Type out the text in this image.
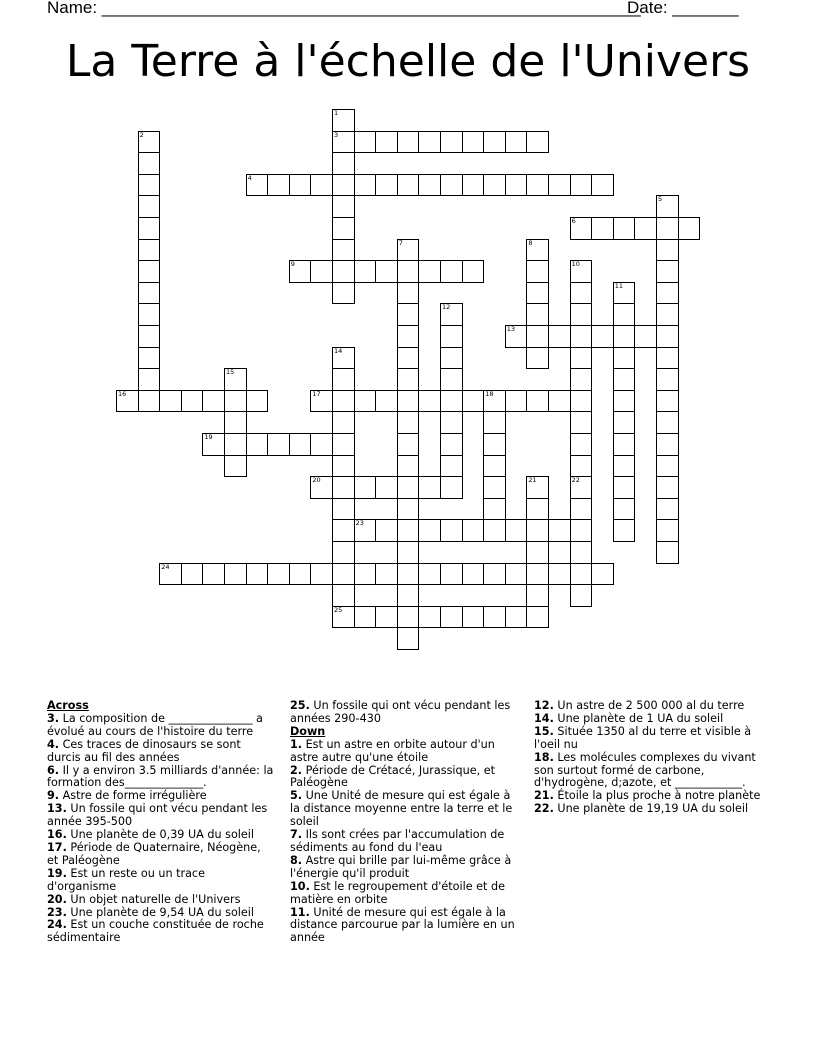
Name: _________________________________________________________
Date: _______
La Terre à l'échelle de l'Univers
1
3
2
4
5
6
7	8
9	10
22
11
12
13
14
15
16	17	18
19
20	21
23
24
25
Across
3. La composition de _______________ a évolué au cours de l'histoire du terre
4. Ces traces de dinosaurs se sont durcis au fil des années
6. Il y a environ 3.5 milliards d'année: la formation des______________.
9. Astre de forme irrégulière
13. Un fossile qui ont vécu pendant les année 395-500
16. Une planète de 0,39 UA du soleil
17. Période de Quaternaire, Néogène, et Paléogène
19. Est un reste ou un trace d'organisme
20. Un objet naturelle de l'Univers
23. Une planète de 9,54 UA du soleil
24. Est un couche constituée de roche sédimentaire
25. Un fossile qui ont vécu pendant les années 290-430
Down
1. Est un astre en orbite autour d'un astre autre qu'une étoile
2. Période de Crétacé, Jurassique, et Paléogène
5. Une Unité de mesure qui est égale à la distance moyenne entre la terre et le soleil
7. Ils sont crées par l'accumulation de sédiments au fond du l'eau
8. Astre qui brille par lui-même grâce à l'énergie qu'il produit
10. Est le regroupement d'étoile et de matière en orbite
11. Unité de mesure qui est égale à la distance parcourue par la lumière en un année
12. Un astre de 2 500 000 al du terre
14. Une planète de 1 UA du soleil
15. Située 1350 al du terre et visible à l'oeil nu
18. Les molécules complexes du vivant son surtout formé de carbone, d'hydrogène, d;azote, et ____________.
21. Étoile la plus proche à notre planète
22. Une planète de 19,19 UA du soleil
